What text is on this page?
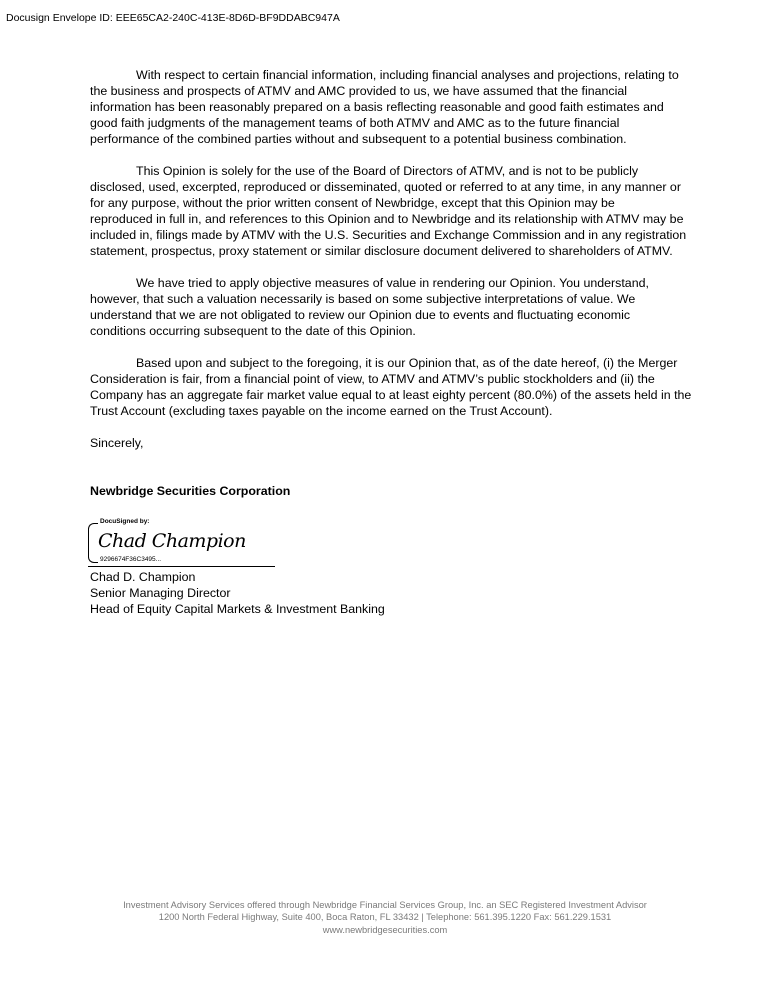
Docusign Envelope ID: EEE65CA2-240C-413E-8D6D-BF9DDABC947A

With respect to certain financial information, including financial analyses and projections, relating to
the business and prospects of ATMV and AMC provided to us, we have assumed that the financial
information has been reasonably prepared on a basis reflecting reasonable and good faith estimates and
good faith judgments of the management teams of both ATMV and AMC as to the future financial
performance of the combined parties without and subsequent to a potential business combination.

This Opinion is solely for the use of the Board of Directors of ATMV, and is not to be publicly
disclosed, used, excerpted, reproduced or disseminated, quoted or referred to at any time, in any manner or
for any purpose, without the prior written consent of Newbridge, except that this Opinion may be
reproduced in full in, and references to this Opinion and to Newbridge and its relationship with ATMV may be
included in, filings made by ATMV with the U.S. Securities and Exchange Commission and in any registration
statement, prospectus, proxy statement or similar disclosure document delivered to shareholders of ATMV.

We have tried to apply objective measures of value in rendering our Opinion. You understand,
however, that such a valuation necessarily is based on some subjective interpretations of value. We
understand that we are not obligated to review our Opinion due to events and fluctuating economic
conditions occurring subsequent to the date of this Opinion.

Based upon and subject to the foregoing, it is our Opinion that, as of the date hereof, (i) the Merger
Consideration is fair, from a financial point of view, to ATMV and ATMV’s public stockholders and (ii) the
Company has an aggregate fair market value equal to at least eighty percent (80.0%) of the assets held in the
Trust Account (excluding taxes payable on the income earned on the Trust Account).

Sincerely,

Newbridge Securities Corporation

DocuSigned by:
Chad Champion
9296674F36C3495...
Chad D. Champion
Senior Managing Director
Head of Equity Capital Markets & Investment Banking
Investment Advisory Services offered through Newbridge Financial Services Group, Inc. an SEC Registered Investment Advisor
1200 North Federal Highway, Suite 400, Boca Raton, FL 33432 | Telephone: 561.395.1220 Fax: 561.229.1531
www.newbridgesecurities.com
